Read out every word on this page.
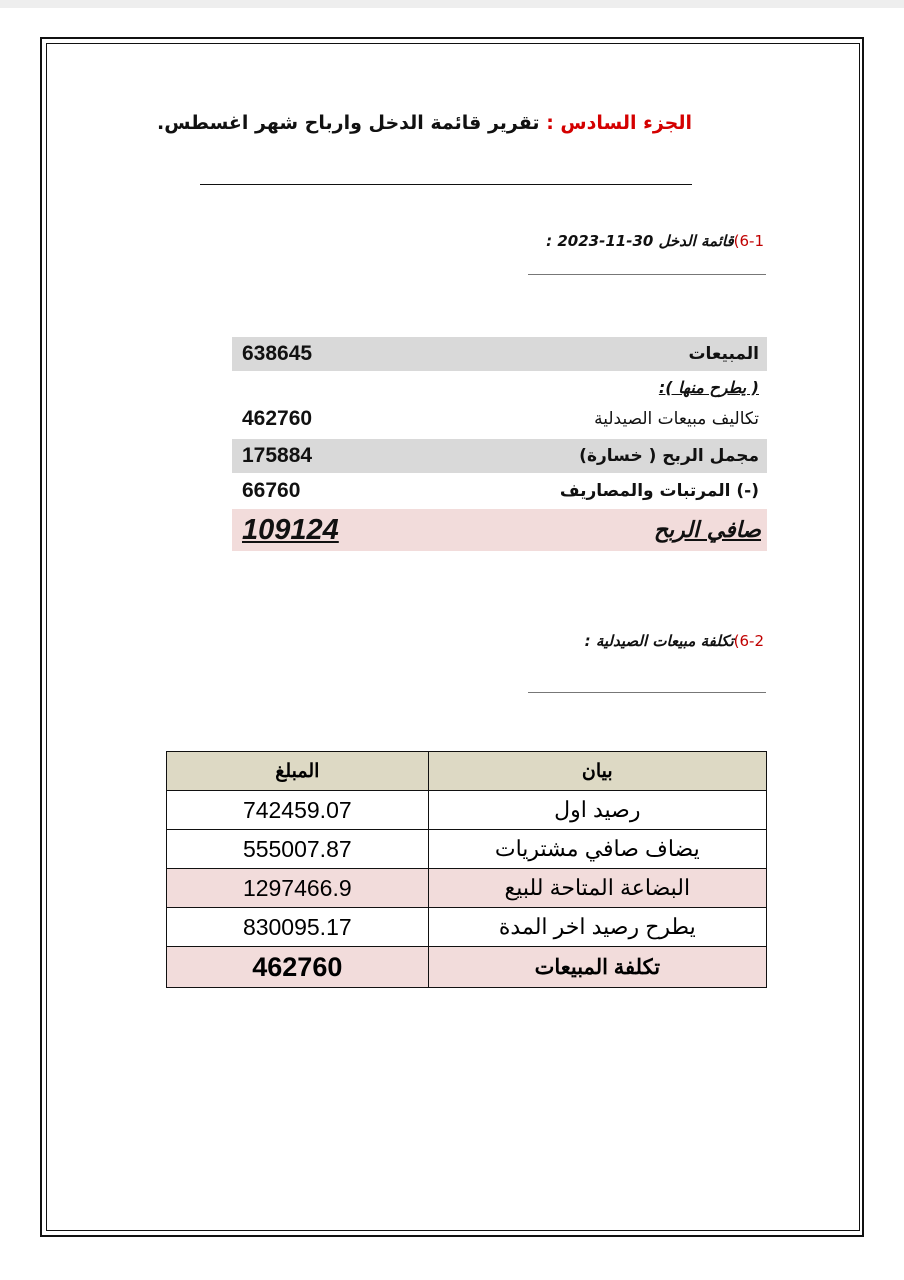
الجزء السادس : تقرير قائمة الدخل وارباح شهر اغسطس.
6-1)قائمة الدخل 30-11-2023 :
638645	المبيعات
( يطرح منها ):
462760	تكاليف مبيعات الصيدلية
175884	مجمل الربح ( خسارة)
66760	(-) المرتبات والمصاريف
109124	صافي الربح
6-2)تكلفة مبيعات الصيدلية :
المبلغ	بيان
742459.07	رصيد اول
555007.87	يضاف صافي مشتريات
1297466.9	البضاعة المتاحة للبيع
830095.17	يطرح رصيد اخر المدة
462760	تكلفة المبيعات
